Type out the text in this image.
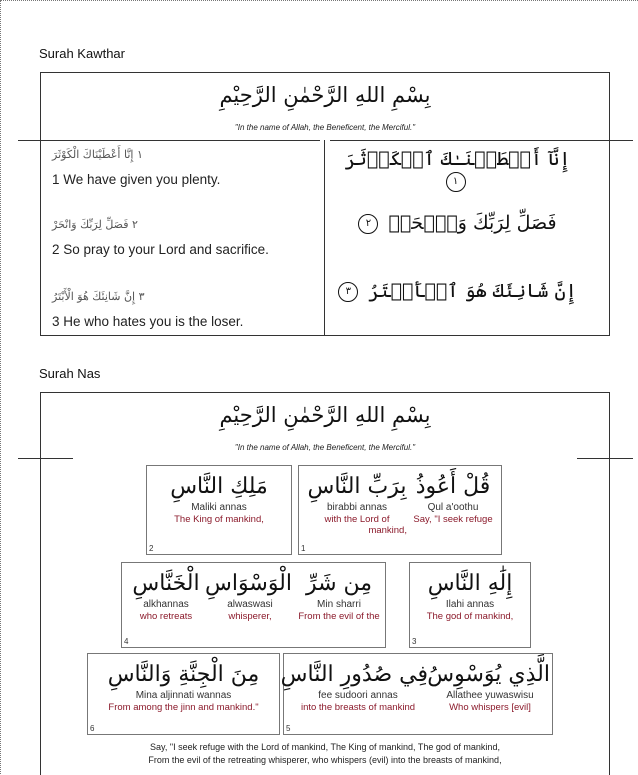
Surah Kawthar
بِسْمِ اللهِ الرَّحْمٰنِ الرَّحِيْمِ
"In the name of Allah, the Beneficent, the Merciful."
١ إِنَّا أَعْطَيْنَاكَ الْكَوْثَرَ
1 We have given you plenty.
إِنَّآ أَعۡطَيۡنَـٰكَ ٱلۡكَوۡثَرَ ١
٢ فَصَلِّ لِرَبِّكَ وَانْحَرْ
2 So pray to your Lord and sacrifice.
فَصَلِّ لِرَبِّكَ وَٱنۡحَرۡ ٢
٣ إِنَّ شَانِئَكَ هُوَ الْأَبْتَرُ
3 He who hates you is the loser.
إِنَّ شَانِئَكَ هُوَ ٱلۡأَبۡتَرُ ٣
Surah Nas
بِسْمِ اللهِ الرَّحْمٰنِ الرَّحِيْمِ
"In the name of Allah, the Beneficent, the Merciful."
مَلِكِ النَّاسِ
Maliki annas
The King of mankind,
2
قُلْ أَعُوذُ
Qul a'oothu
Say, "I seek refuge
بِرَبِّ النَّاسِ
birabbi annas
with the Lord of
mankind,
1
مِن شَرِّ
Min sharri
From the evil of the
الْوَسْوَاسِ
alwaswasi
whisperer,
الْخَنَّاسِ
alkhannas
who retreats
4
إِلَٰهِ النَّاسِ
Ilahi annas
The god of mankind,
3
مِنَ الْجِنَّةِ وَالنَّاسِ
Mina aljinnati wannas
From among the jinn and mankind."
6
الَّذِي يُوَسْوِسُ
Allathee yuwaswisu
Who whispers [evil]
فِي صُدُورِ النَّاسِ
fee sudoori annas
into the breasts of mankind
5
Say, "I seek refuge with the Lord of mankind, The King of mankind, The god of mankind,
From the evil of the retreating whisperer, who whispers (evil) into the breasts of mankind,
